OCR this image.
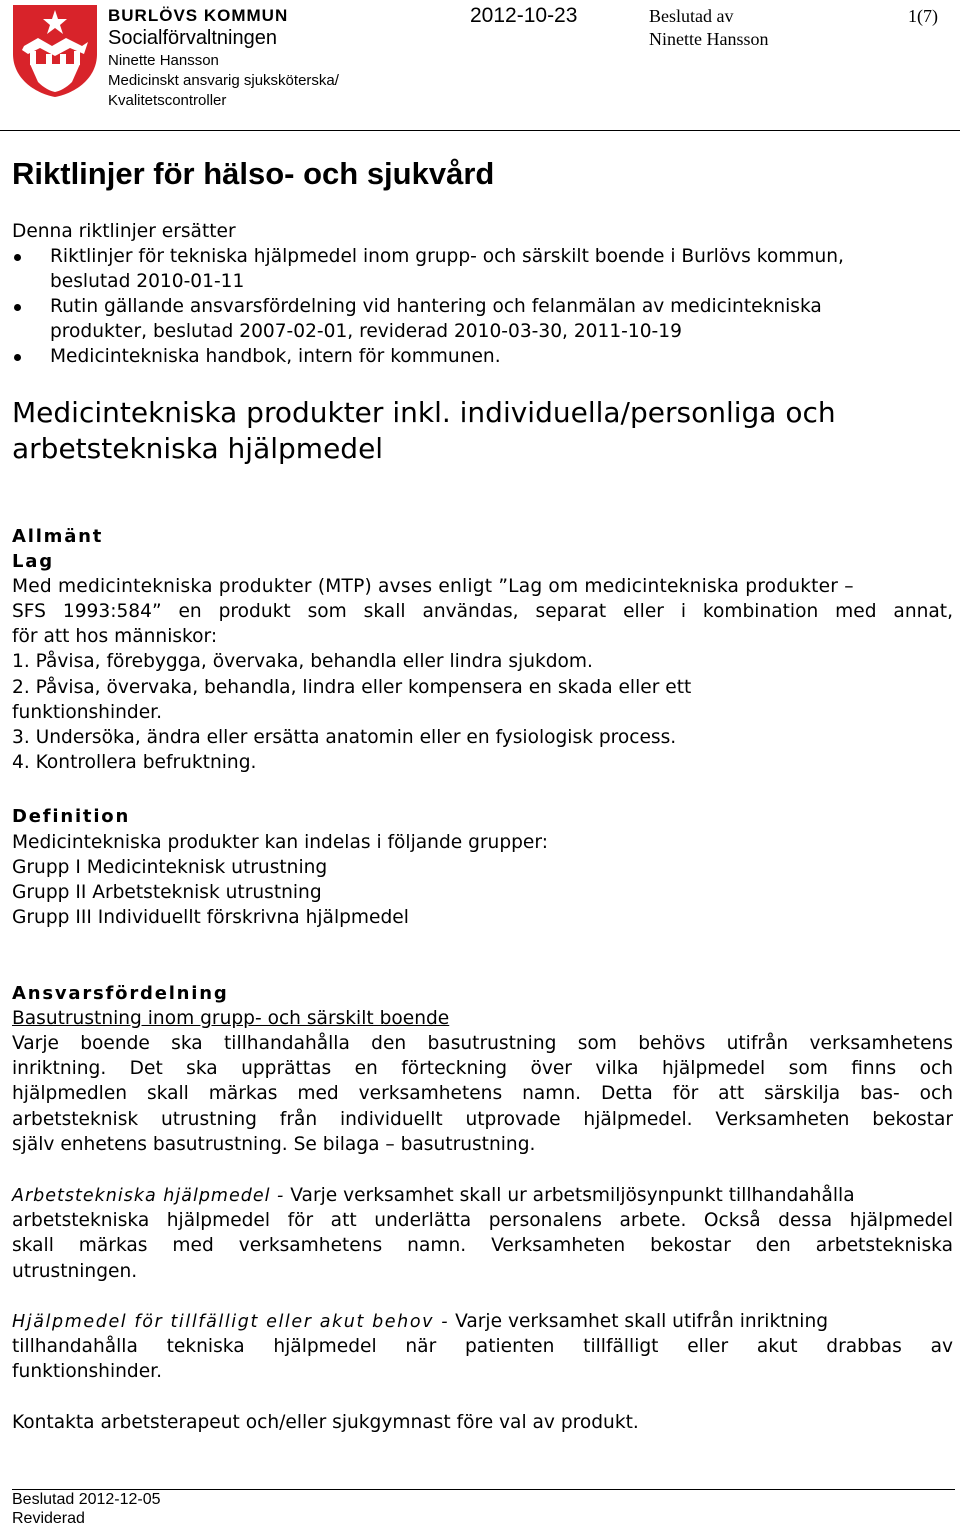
BURLÖVS KOMMUN
Socialförvaltningen
Ninette Hansson
Medicinskt ansvarig sjuksköterska/
Kvalitetscontroller
2012-10-23	Beslutad av
Ninette Hansson
1(7)
Riktlinjer för hälso- och sjukvård
Denna riktlinjer ersätter
Riktlinjer för tekniska hjälpmedel inom grupp- och särskilt boende i Burlövs kommun,
beslutad 2010-01-11
Rutin gällande ansvarsfördelning vid hantering och felanmälan av medicintekniska
produkter, beslutad 2007-02-01, reviderad 2010-03-30, 2011-10-19
Medicintekniska handbok, intern för kommunen.
Medicintekniska produkter inkl. individuella/personliga och
arbetstekniska hjälpmedel
Allmänt
Lag
Med medicintekniska produkter (MTP) avses enligt ”Lag om medicintekniska produkter –
SFS 1993:584” en produkt som skall användas, separat eller i kombination med annat,
för att hos människor:
1. Påvisa, förebygga, övervaka, behandla eller lindra sjukdom.
2. Påvisa, övervaka, behandla, lindra eller kompensera en skada eller ett
funktionshinder.
3. Undersöka, ändra eller ersätta anatomin eller en fysiologisk process.
4. Kontrollera befruktning.
Definition
Medicintekniska produkter kan indelas i följande grupper:
Grupp I Medicinteknisk utrustning
Grupp II Arbetsteknisk utrustning
Grupp III Individuellt förskrivna hjälpmedel
Ansvarsfördelning
Basutrustning inom grupp- och särskilt boende
Varje boende ska tillhandahålla den basutrustning som behövs utifrån verksamhetens
inriktning. Det ska upprättas en förteckning över vilka hjälpmedel som finns och
hjälpmedlen skall märkas med verksamhetens namn. Detta för att särskilja bas- och
arbetsteknisk utrustning från individuellt utprovade hjälpmedel. Verksamheten bekostar
själv enhetens basutrustning. Se bilaga – basutrustning.
Arbetstekniska hjälpmedel - Varje verksamhet skall ur arbetsmiljösynpunkt tillhandahålla
arbetstekniska hjälpmedel för att underlätta personalens arbete. Också dessa hjälpmedel
skall märkas med verksamhetens namn. Verksamheten bekostar den arbetstekniska
utrustningen.
Hjälpmedel för tillfälligt eller akut behov - Varje verksamhet skall utifrån inriktning
tillhandahålla tekniska hjälpmedel när patienten tillfälligt eller akut drabbas av
funktionshinder.
Kontakta arbetsterapeut och/eller sjukgymnast före val av produkt.
Beslutad 2012-12-05
Reviderad
